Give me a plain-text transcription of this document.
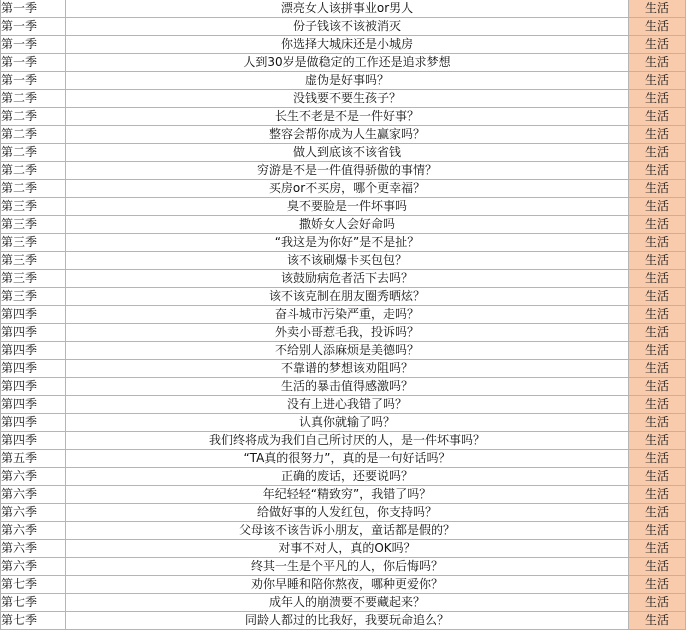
第一季	漂亮女人该拼事业or男人	生活
第一季	份子钱该不该被消灭	生活
第一季	你选择大城床还是小城房	生活
第一季	人到30岁是做稳定的工作还是追求梦想	生活
第一季	虚伪是好事吗？	生活
第二季	没钱要不要生孩子？	生活
第二季	长生不老是不是一件好事？	生活
第二季	整容会帮你成为人生赢家吗？	生活
第二季	做人到底该不该省钱	生活
第二季	穷游是不是一件值得骄傲的事情？	生活
第二季	买房or不买房，哪个更幸福？	生活
第三季	臭不要脸是一件坏事吗	生活
第三季	撒娇女人会好命吗	生活
第三季	“我这是为你好”是不是扯？	生活
第三季	该不该刷爆卡买包包？	生活
第三季	该鼓励病危者活下去吗？	生活
第三季	该不该克制在朋友圈秀晒炫？	生活
第四季	奋斗城市污染严重，走吗？	生活
第四季	外卖小哥惹毛我，投诉吗？	生活
第四季	不给别人添麻烦是美德吗？	生活
第四季	不靠谱的梦想该劝阻吗？	生活
第四季	生活的暴击值得感激吗？	生活
第四季	没有上进心我错了吗？	生活
第四季	认真你就输了吗？	生活
第四季	我们终将成为我们自己所讨厌的人，是一件坏事吗？	生活
第五季	“TA真的很努力”，真的是一句好话吗？	生活
第六季	正确的废话，还要说吗？	生活
第六季	年纪轻轻“精致穷”，我错了吗？	生活
第六季	给做好事的人发红包，你支持吗？	生活
第六季	父母该不该告诉小朋友，童话都是假的？	生活
第六季	对事不对人，真的OK吗？	生活
第六季	终其一生是个平凡的人，你后悔吗？	生活
第七季	劝你早睡和陪你熬夜，哪种更爱你？	生活
第七季	成年人的崩溃要不要藏起来？	生活
第七季	同龄人都过的比我好，我要玩命追么？	生活
